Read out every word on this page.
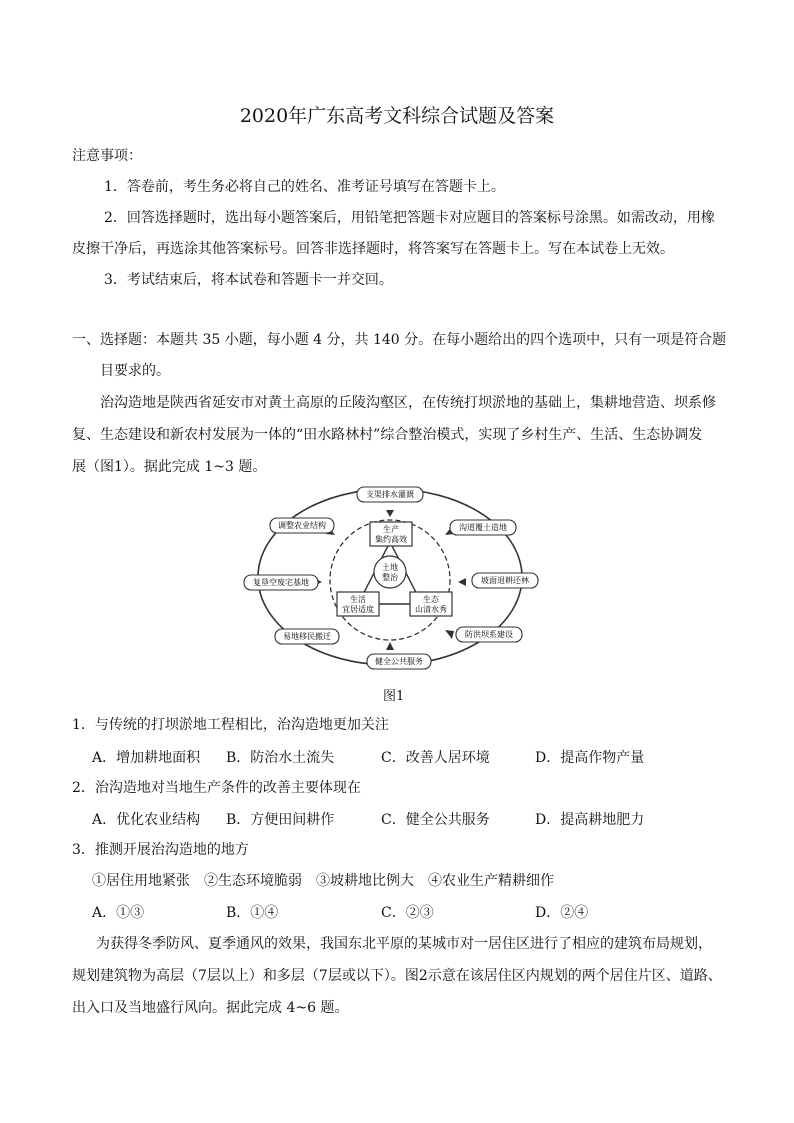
2020年广东高考文科综合试题及答案
注意事项：
1．答卷前，考生务必将自己的姓名、准考证号填写在答题卡上。
2．回答选择题时，选出每小题答案后，用铅笔把答题卡对应题目的答案标号涂黑。如需改动，用橡
皮擦干净后，再选涂其他答案标号。回答非选择题时，将答案写在答题卡上。写在本试卷上无效。
3．考试结束后，将本试卷和答题卡一并交回。
一、选择题：本题共 35 小题，每小题 4 分，共 140 分。在每小题给出的四个选项中，只有一项是符合题
目要求的。
治沟造地是陕西省延安市对黄土高原的丘陵沟壑区，在传统打坝淤地的基础上，集耕地营造、坝系修
复、生态建设和新农村发展为一体的“田水路林村”综合整治模式，实现了乡村生产、生活、生态协调发
展（图1）。据此完成 1~3 题。
土地
整治
生产
集约高效
生活
宜居适度
生态
山清水秀
支渠排水灌溉
调整农业结构	沟道覆土造地
复垦空废宅基地	坡面退耕还林
易地移民搬迁	防洪坝系建设
健全公共服务
图1
1．与传统的打坝淤地工程相比，治沟造地更加关注
A．增加耕地面积 B．防治水土流失	C．改善人居环境	D．提高作物产量
2．治沟造地对当地生产条件的改善主要体现在
A．优化农业结构 B．方便田间耕作	C．健全公共服务	D．提高耕地肥力
3．推测开展治沟造地的地方
①居住用地紧张　②生态环境脆弱　③坡耕地比例大　④农业生产精耕细作
A．①③	B．①④	C．②③	D．②④
为获得冬季防风、夏季通风的效果，我国东北平原的某城市对一居住区进行了相应的建筑布局规划，
规划建筑物为高层（7层以上）和多层（7层或以下）。图2示意在该居住区内规划的两个居住片区、道路、
出入口及当地盛行风向。据此完成 4~6 题。
